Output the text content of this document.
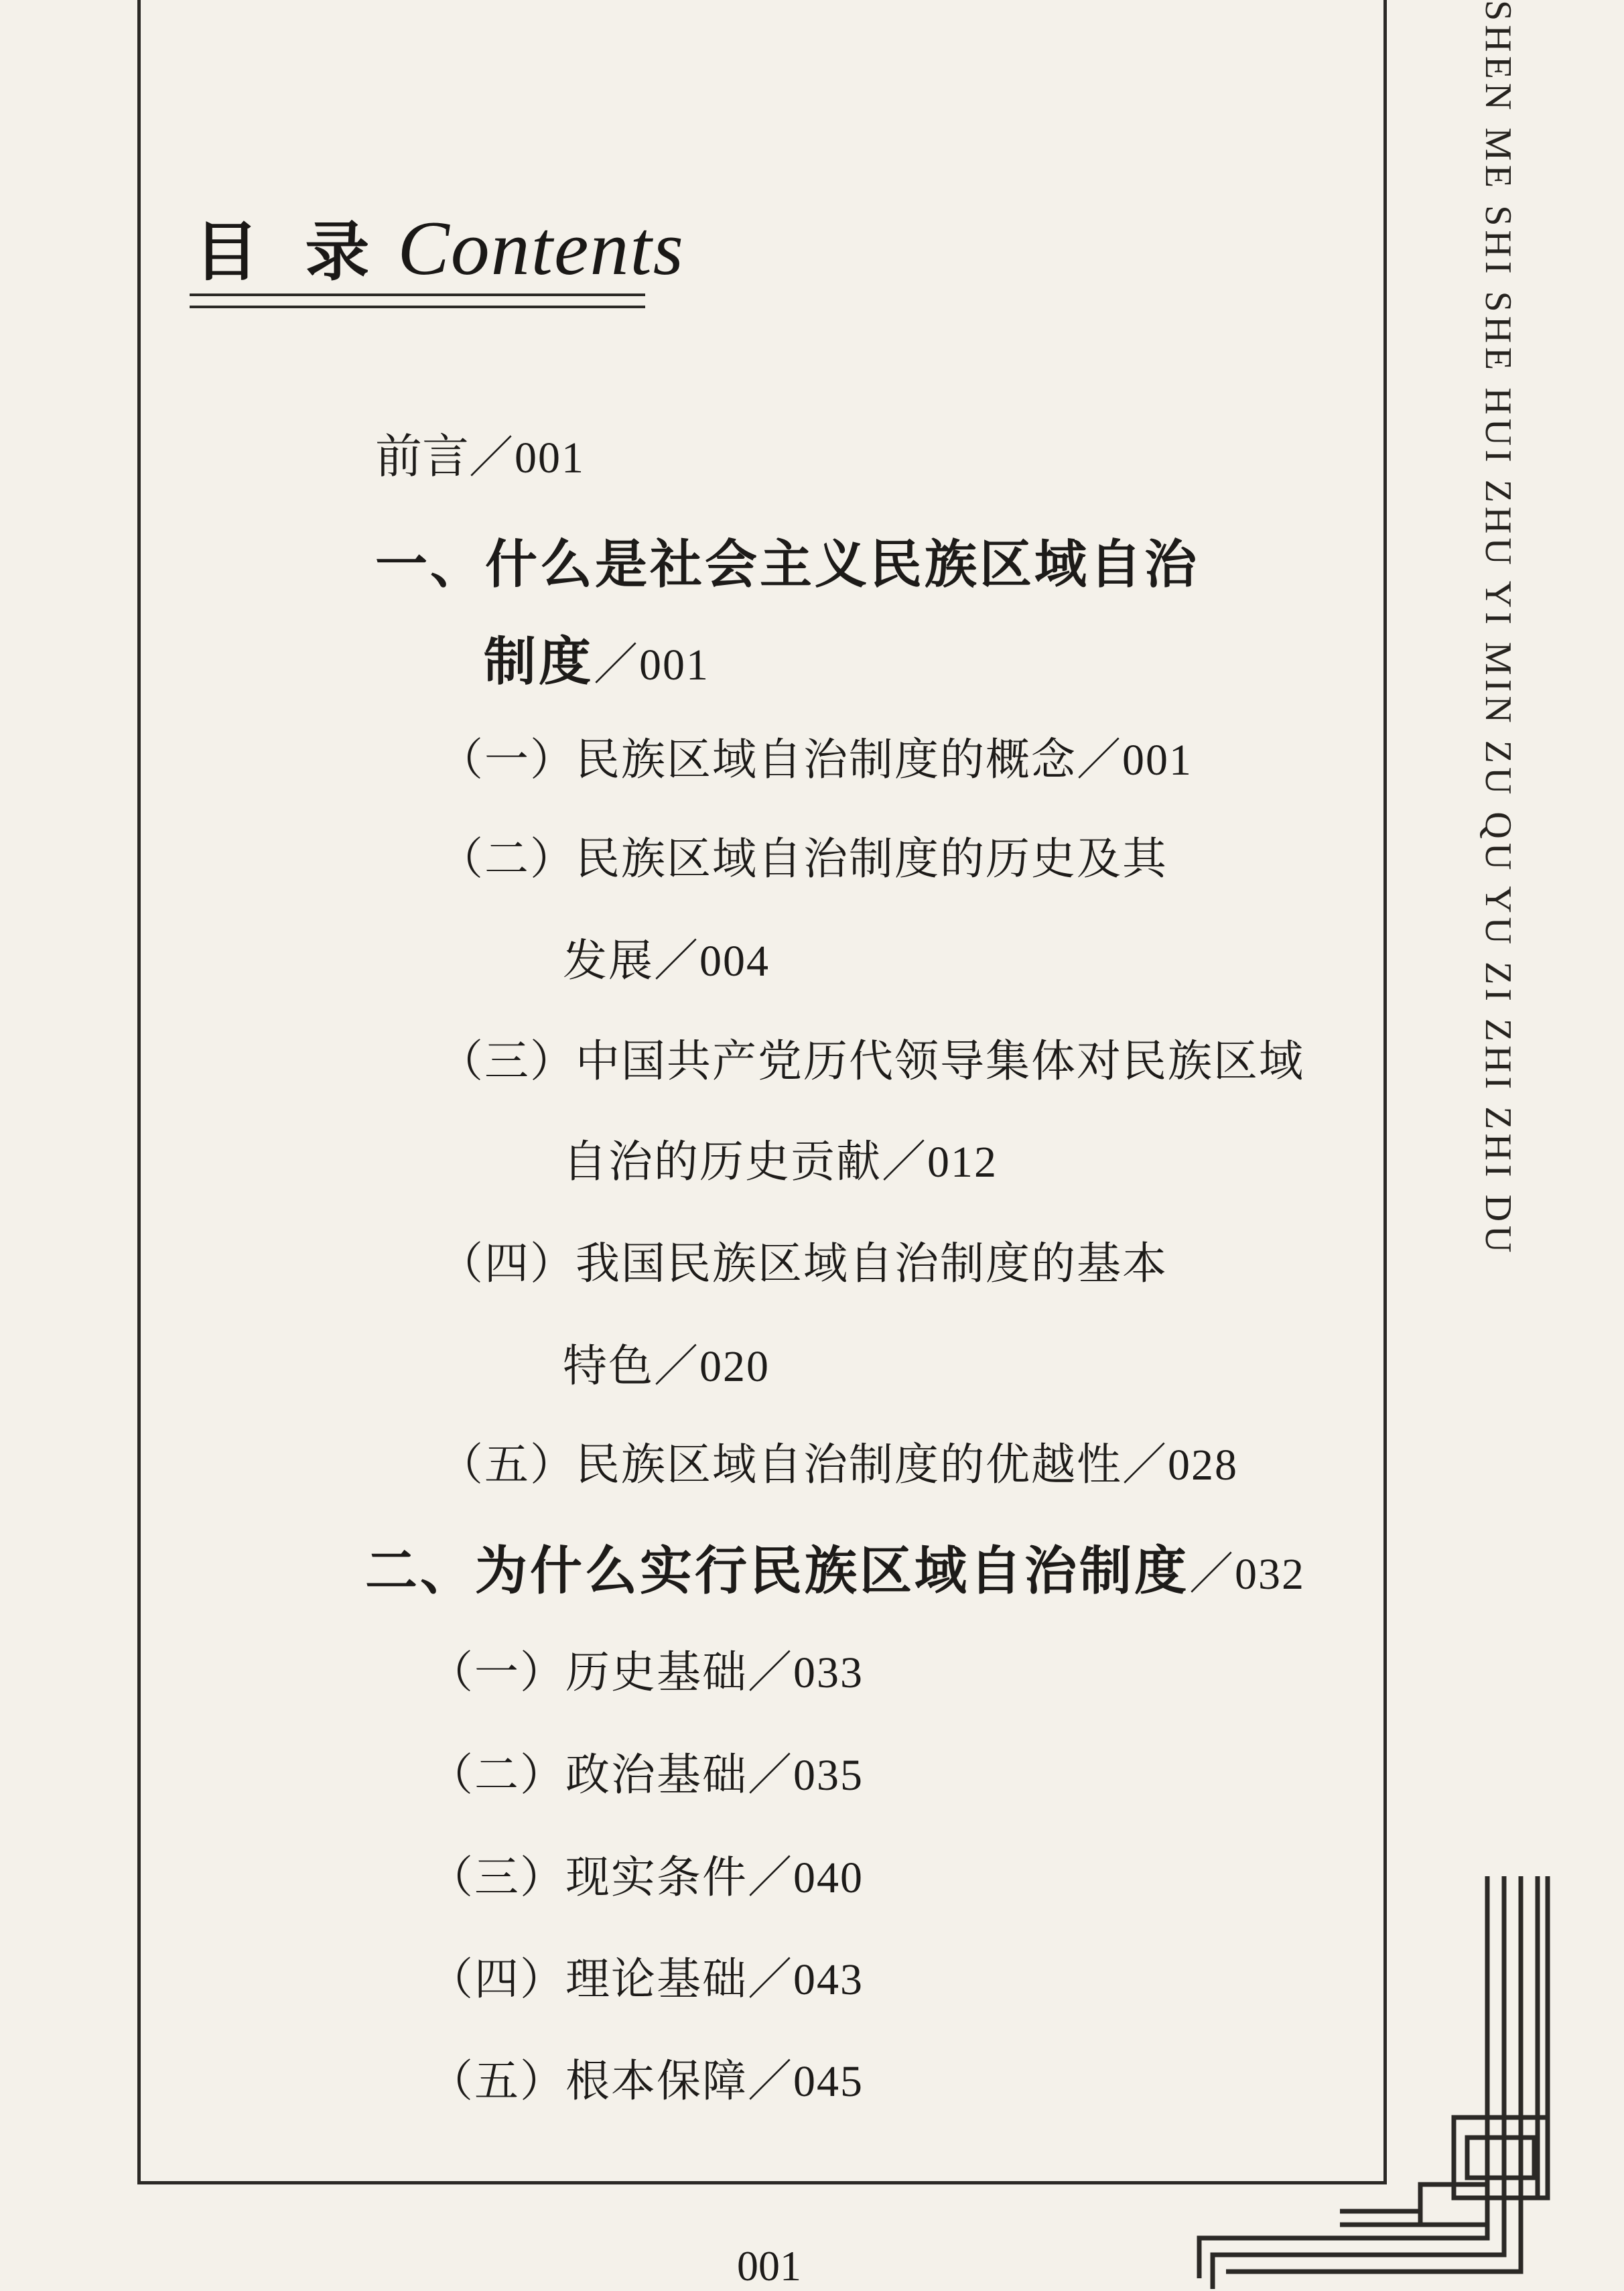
SHEN ME SHI SHE HUI ZHU YI MIN ZU QU YU ZI ZHI ZHI DU
目 录 Contents
前言／001
一、什么是社会主义民族区域自治
制度／001
（一）民族区域自治制度的概念／001
（二）民族区域自治制度的历史及其
发展／004
（三）中国共产党历代领导集体对民族区域
自治的历史贡献／012
（四）我国民族区域自治制度的基本
特色／020
（五）民族区域自治制度的优越性／028
二、为什么实行民族区域自治制度／032
（一）历史基础／033
（二）政治基础／035
（三）现实条件／040
（四）理论基础／043
（五）根本保障／045
001
